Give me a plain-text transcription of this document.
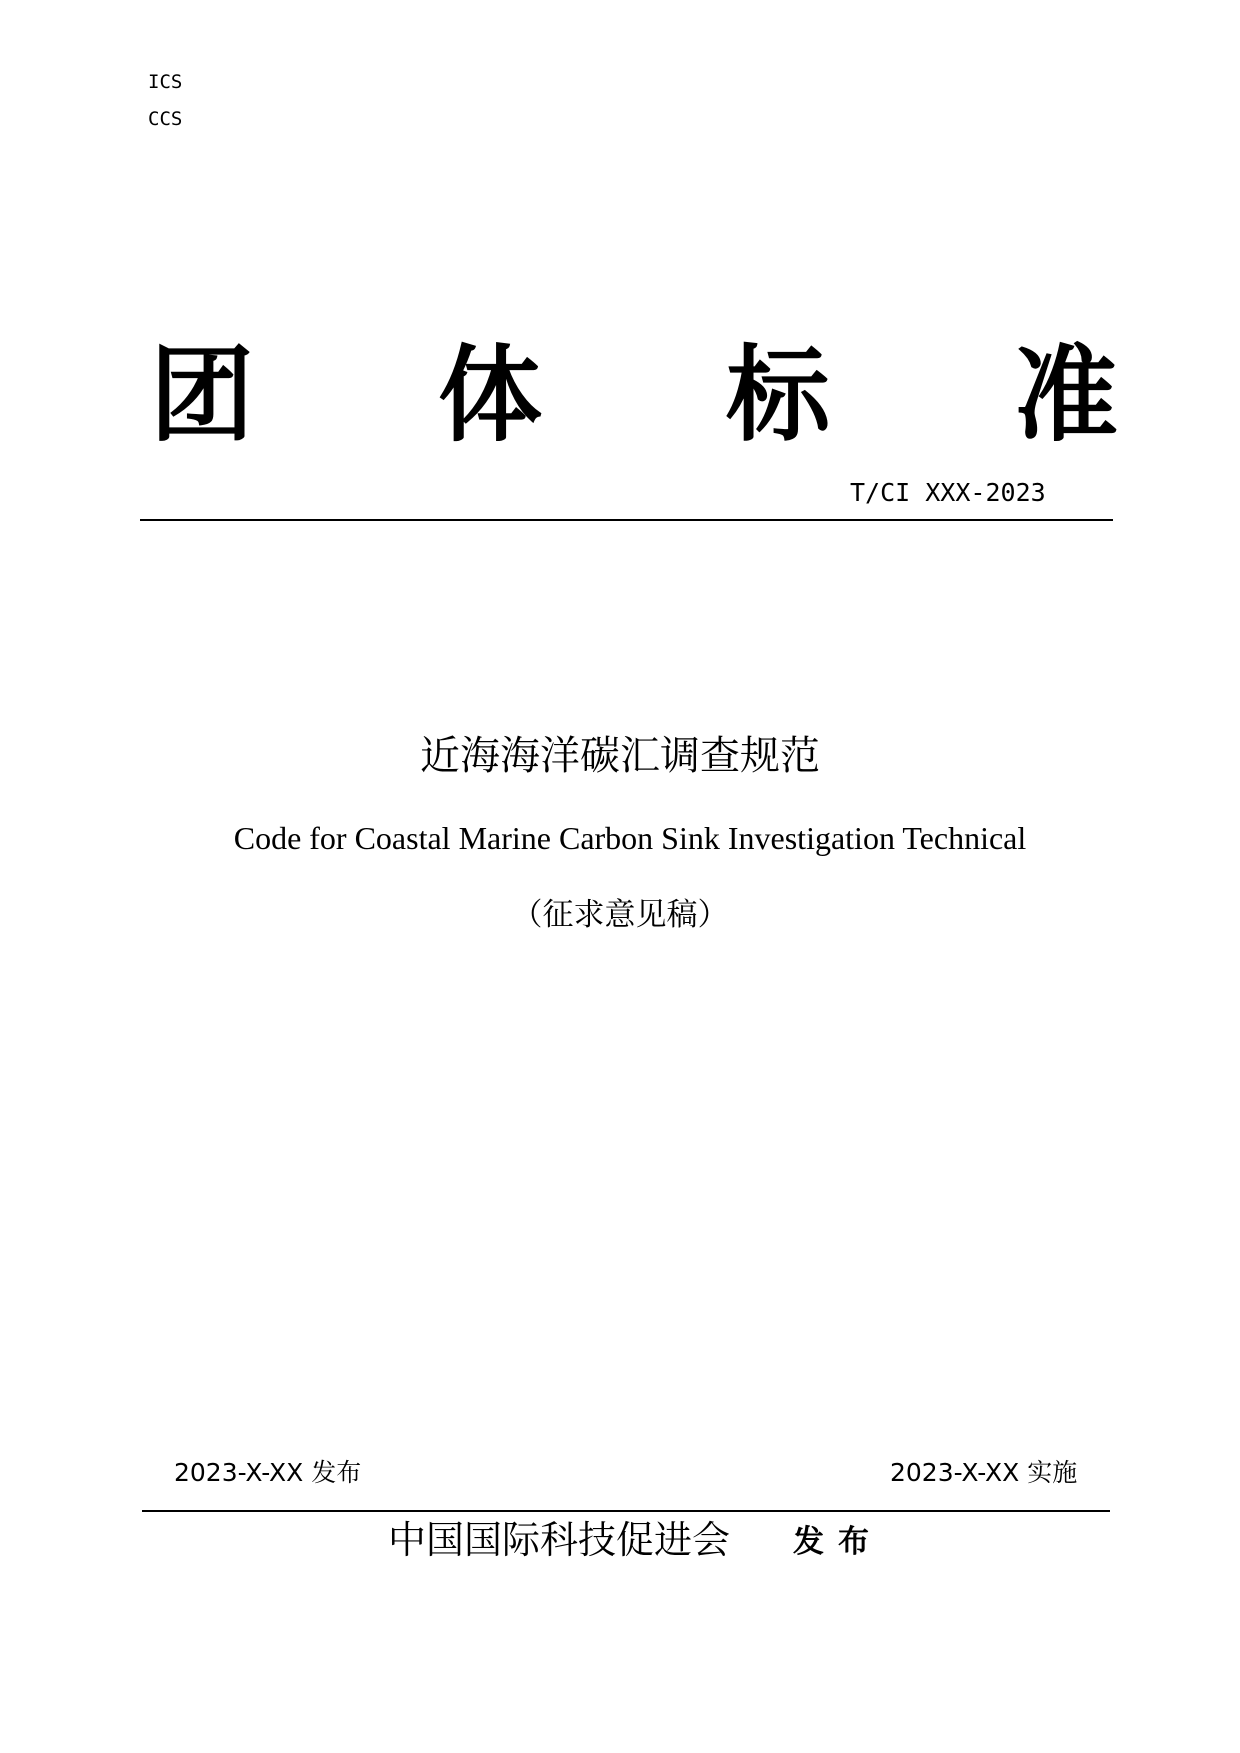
ICS
CCS
团 体 标 准
T/CI XXX-2023
近海海洋碳汇调查规范
Code for Coastal Marine Carbon Sink Investigation Technical
（征求意见稿）
2023-X-XX 发布	2023-X-XX 实施
中国国际科技促进会 发布
